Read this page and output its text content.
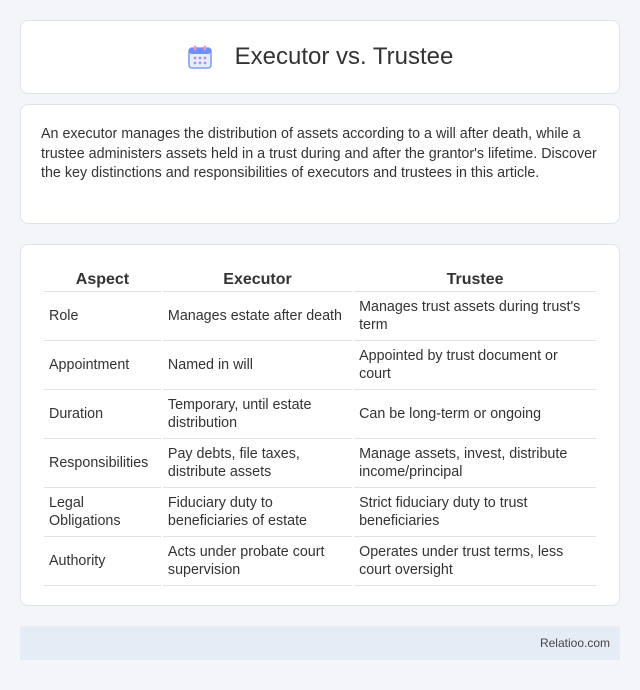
Executor vs. Trustee

An executor manages the distribution of assets according to a will after death, while a trustee administers assets held in a trust during and after the grantor's lifetime. Discover the key distinctions and responsibilities of executors and trustees in this article.

Aspect	Executor	Trustee
Role	Manages estate after death	Manages trust assets during trust's term
Appointment	Named in will	Appointed by trust document or court
Duration	Temporary, until estate distribution	Can be long-term or ongoing
Responsibilities	Pay debts, file taxes, distribute assets	Manage assets, invest, distribute income/principal
Legal Obligations	Fiduciary duty to beneficiaries of estate	Strict fiduciary duty to trust beneficiaries
Authority	Acts under probate court supervision	Operates under trust terms, less court oversight
Relatioo.com
